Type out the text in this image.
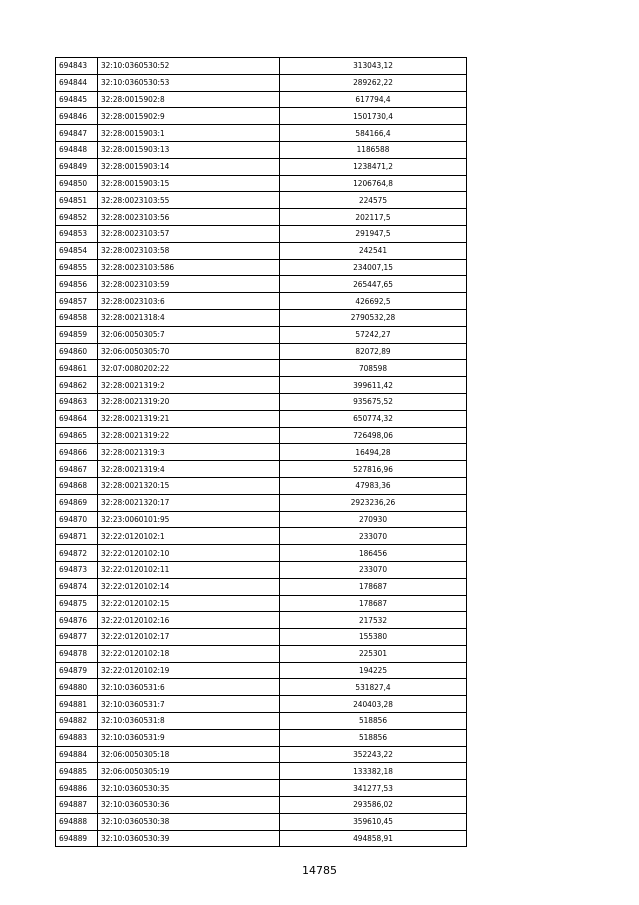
694843	32:10:0360530:52	313043,12
694844	32:10:0360530:53	289262,22
694845	32:28:0015902:8	617794,4
694846	32:28:0015902:9	1501730,4
694847	32:28:0015903:1	584166,4
694848	32:28:0015903:13	1186588
694849	32:28:0015903:14	1238471,2
694850	32:28:0015903:15	1206764,8
694851	32:28:0023103:55	224575
694852	32:28:0023103:56	202117,5
694853	32:28:0023103:57	291947,5
694854	32:28:0023103:58	242541
694855	32:28:0023103:586	234007,15
694856	32:28:0023103:59	265447,65
694857	32:28:0023103:6	426692,5
694858	32:28:0021318:4	2790532,28
694859	32:06:0050305:7	57242,27
694860	32:06:0050305:70	82072,89
694861	32:07:0080202:22	708598
694862	32:28:0021319:2	399611,42
694863	32:28:0021319:20	935675,52
694864	32:28:0021319:21	650774,32
694865	32:28:0021319:22	726498,06
694866	32:28:0021319:3	16494,28
694867	32:28:0021319:4	527816,96
694868	32:28:0021320:15	47983,36
694869	32:28:0021320:17	2923236,26
694870	32:23:0060101:95	270930
694871	32:22:0120102:1	233070
694872	32:22:0120102:10	186456
694873	32:22:0120102:11	233070
694874	32:22:0120102:14	178687
694875	32:22:0120102:15	178687
694876	32:22:0120102:16	217532
694877	32:22:0120102:17	155380
694878	32:22:0120102:18	225301
694879	32:22:0120102:19	194225
694880	32:10:0360531:6	531827,4
694881	32:10:0360531:7	240403,28
694882	32:10:0360531:8	518856
694883	32:10:0360531:9	518856
694884	32:06:0050305:18	352243,22
694885	32:06:0050305:19	133382,18
694886	32:10:0360530:35	341277,53
694887	32:10:0360530:36	293586,02
694888	32:10:0360530:38	359610,45
694889	32:10:0360530:39	494858,91
14785
